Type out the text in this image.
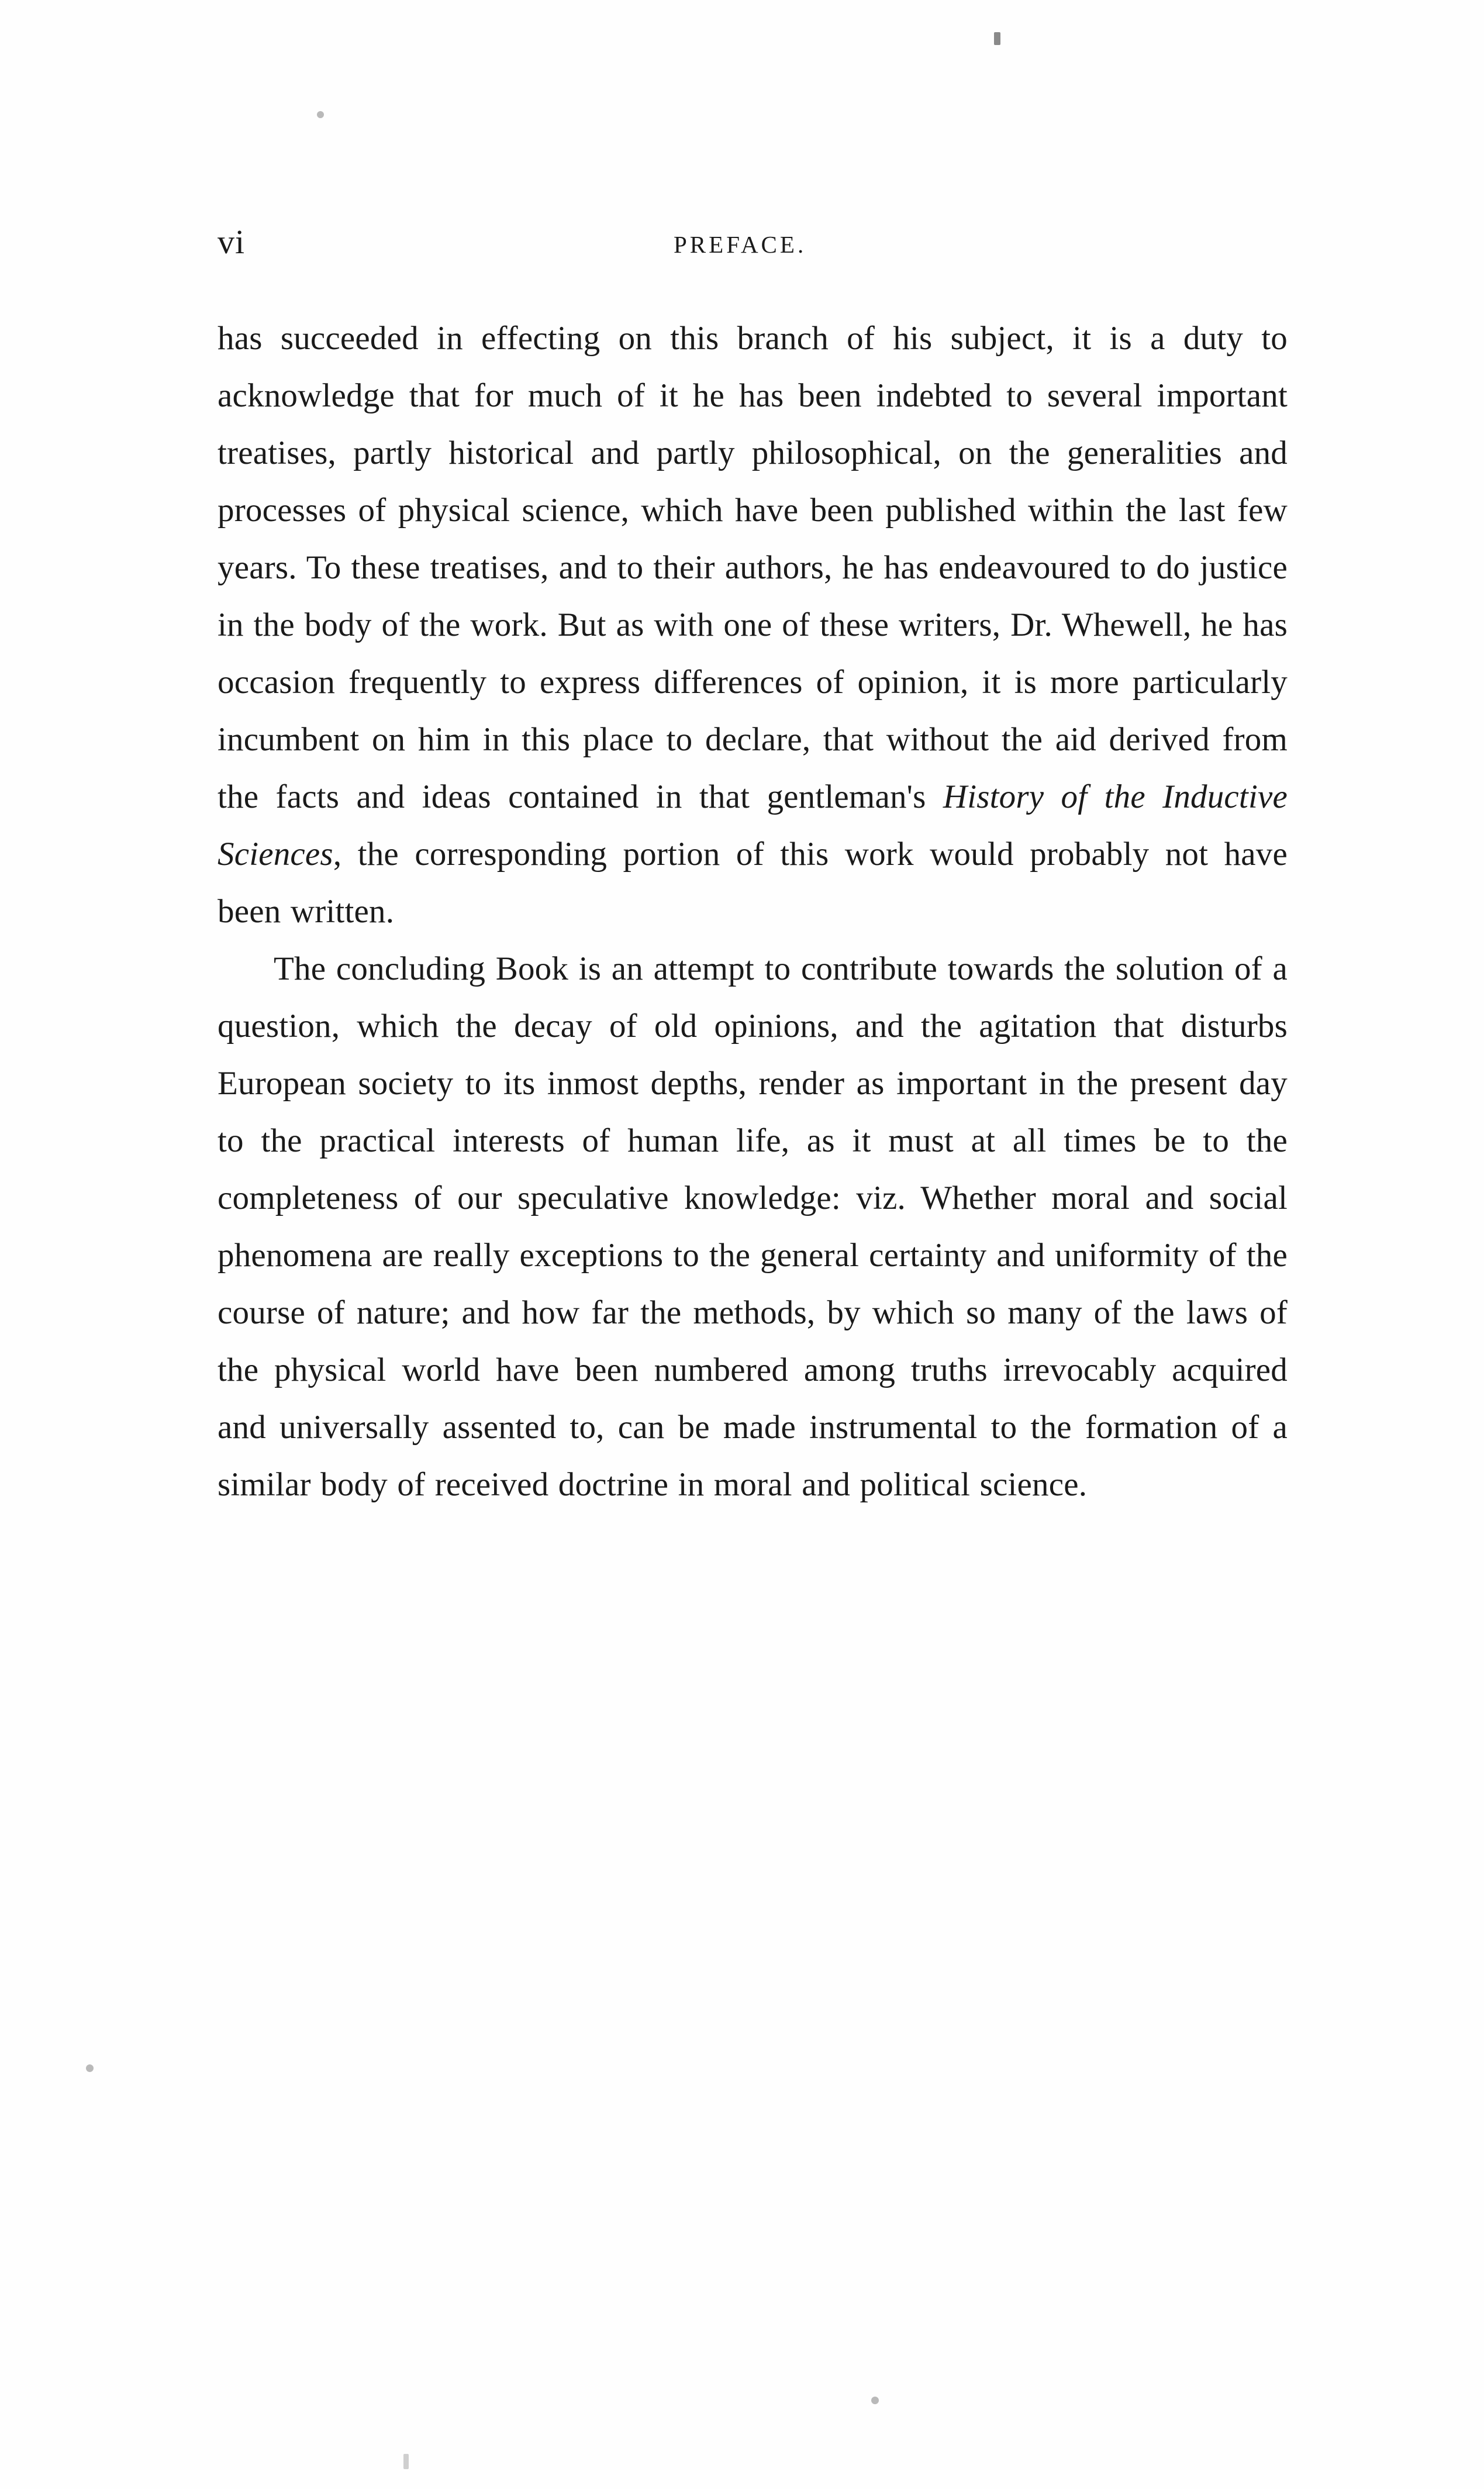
vi	PREFACE.

has succeeded in effecting on this branch of his subject, it is a duty to acknowledge that for much of it he has been indebted to several important treatises, partly historical and partly philosophical, on the generalities and processes of physical science, which have been published within the last few years. To these treatises, and to their authors, he has endeavoured to do justice in the body of the work. But as with one of these writers, Dr. Whewell, he has occasion frequently to express differences of opinion, it is more particularly incumbent on him in this place to declare, that without the aid derived from the facts and ideas contained in that gentleman's History of the Inductive Sciences, the corresponding portion of this work would probably not have been written.

The concluding Book is an attempt to contribute towards the solution of a question, which the decay of old opinions, and the agitation that disturbs European society to its inmost depths, render as important in the present day to the practical interests of human life, as it must at all times be to the completeness of our speculative knowledge: viz. Whether moral and social phenomena are really exceptions to the general certainty and uniformity of the course of nature; and how far the methods, by which so many of the laws of the physical world have been numbered among truths irrevocably acquired and universally assented to, can be made instrumental to the formation of a similar body of received doctrine in moral and political science.
